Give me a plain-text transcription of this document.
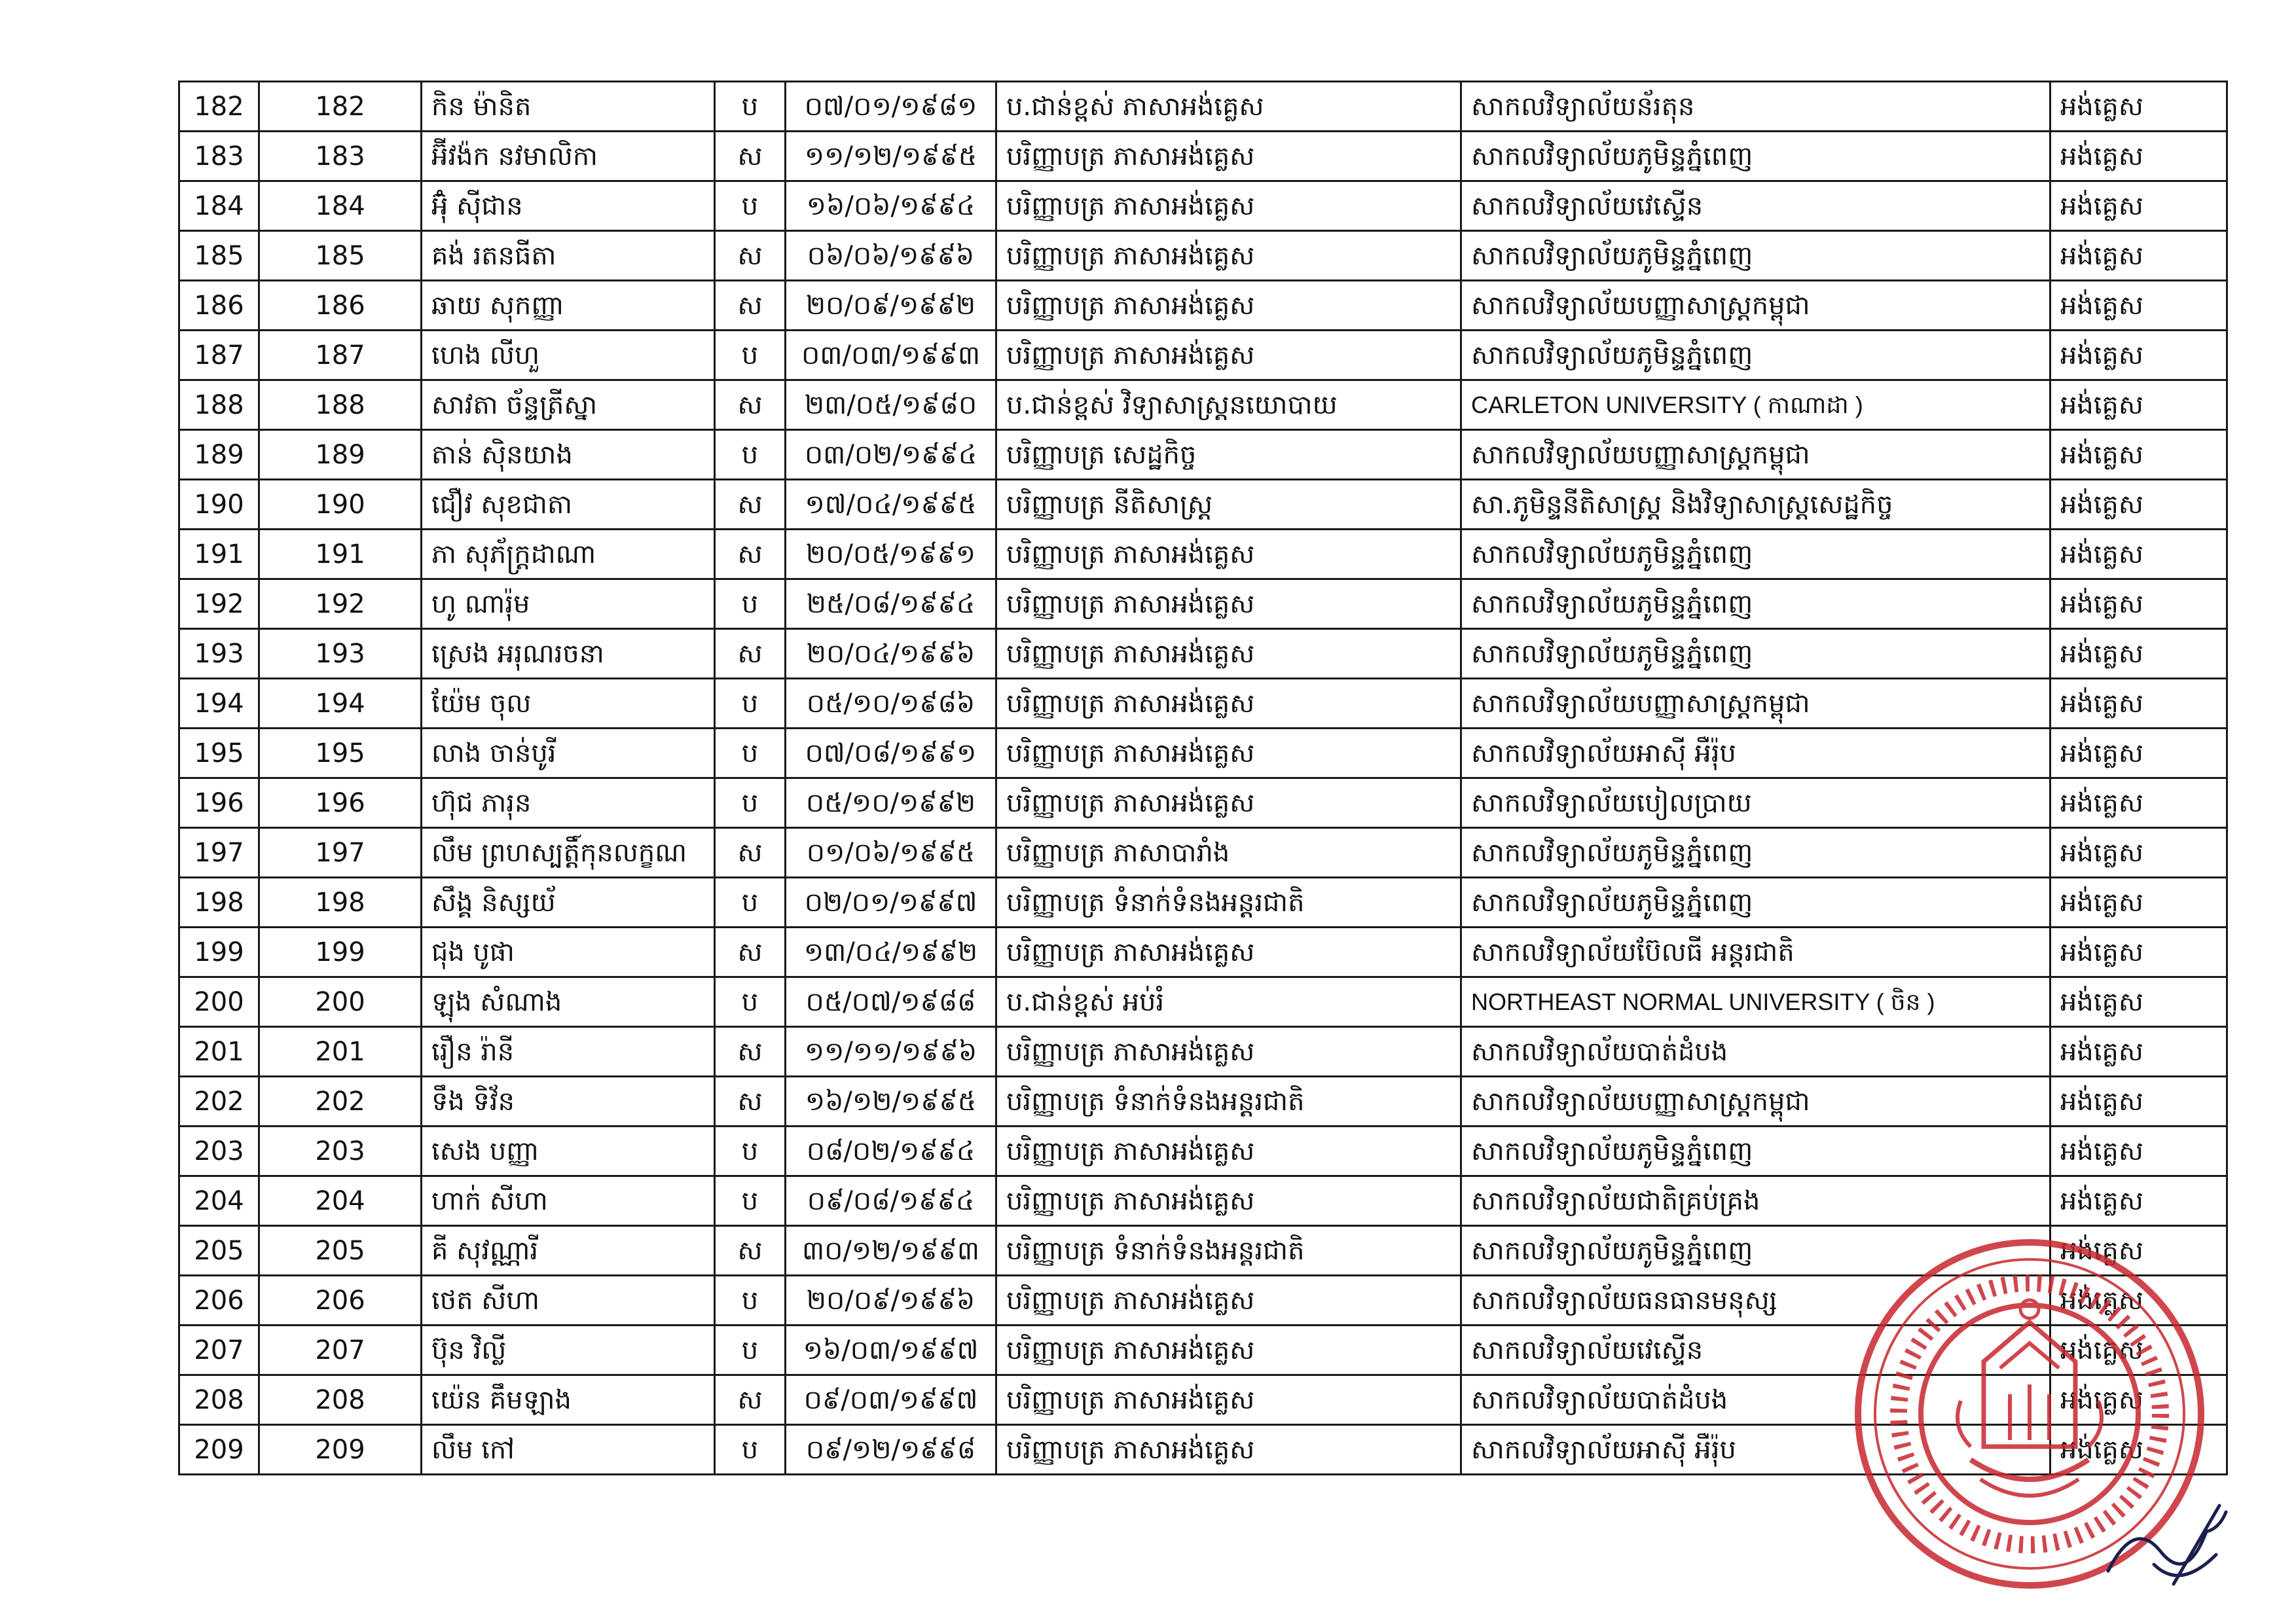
182	182	កិន ម៉ានិត	ប	០៧/០១/១៩៨១	ប.ជាន់ខ្ពស់ ភាសាអង់គ្លេស	សាកលវិទ្យាល័យន័រតុន	អង់គ្លេស
183	183	អ៊ីវង៉ក នវមាលិកា	ស	១១/១២/១៩៩៥	បរិញ្ញាបត្រ ភាសាអង់គ្លេស	សាកលវិទ្យាល័យភូមិន្ទភ្នំពេញ	អង់គ្លេស
184	184	អ៊ុំ ស៊ីជាន	ប	១៦/០៦/១៩៩៤	បរិញ្ញាបត្រ ភាសាអង់គ្លេស	សាកលវិទ្យាល័យវេស្ទើន	អង់គ្លេស
185	185	គង់ រតនធីតា	ស	០៦/០៦/១៩៩៦	បរិញ្ញាបត្រ ភាសាអង់គ្លេស	សាកលវិទ្យាល័យភូមិន្ទភ្នំពេញ	អង់គ្លេស
186	186	ឆាយ សុកញ្ញា	ស	២០/០៩/១៩៩២	បរិញ្ញាបត្រ ភាសាអង់គ្លេស	សាកលវិទ្យាល័យបញ្ញាសាស្ត្រកម្ពុជា	អង់គ្លេស
187	187	ហេង លីហួ	ប	០៣/០៣/១៩៩៣	បរិញ្ញាបត្រ ភាសាអង់គ្លេស	សាកលវិទ្យាល័យភូមិន្ទភ្នំពេញ	អង់គ្លេស
188	188	សាវតា ច័ន្ទត្រីស្នា	ស	២៣/០៥/១៩៨០	ប.ជាន់ខ្ពស់ វិទ្យាសាស្ត្រនយោបាយ	CARLETON UNIVERSITY ( កាណាដា )	អង់គ្លេស
189	189	តាន់ ស៊ិនយាង	ប	០៣/០២/១៩៩៤	បរិញ្ញាបត្រ សេដ្ឋកិច្ច	សាកលវិទ្យាល័យបញ្ញាសាស្ត្រកម្ពុជា	អង់គ្លេស
190	190	ជឿវ សុខជាតា	ស	១៧/០៤/១៩៩៥	បរិញ្ញាបត្រ នីតិសាស្ត្រ	សា.ភូមិន្ទនីតិសាស្ត្រ និងវិទ្យាសាស្ត្រសេដ្ឋកិច្ច	អង់គ្លេស
191	191	ភា សុភ័ក្ត្រដាណា	ស	២០/០៥/១៩៩១	បរិញ្ញាបត្រ ភាសាអង់គ្លេស	សាកលវិទ្យាល័យភូមិន្ទភ្នំពេញ	អង់គ្លេស
192	192	ហូ ណារ៉ុម	ប	២៥/០៨/១៩៩៤	បរិញ្ញាបត្រ ភាសាអង់គ្លេស	សាកលវិទ្យាល័យភូមិន្ទភ្នំពេញ	អង់គ្លេស
193	193	ស្រេង អរុណរចនា	ស	២០/០៤/១៩៩៦	បរិញ្ញាបត្រ ភាសាអង់គ្លេស	សាកលវិទ្យាល័យភូមិន្ទភ្នំពេញ	អង់គ្លេស
194	194	យ៉ែម ចុល	ប	០៥/១០/១៩៨៦	បរិញ្ញាបត្រ ភាសាអង់គ្លេស	សាកលវិទ្យាល័យបញ្ញាសាស្ត្រកម្ពុជា	អង់គ្លេស
195	195	លាង ចាន់បូរី	ប	០៧/០៨/១៩៩១	បរិញ្ញាបត្រ ភាសាអង់គ្លេស	សាកលវិទ្យាល័យអាស៊ី អឺរ៉ុប	អង់គ្លេស
196	196	ហ៊ុជ ភារុន	ប	០៥/១០/១៩៩២	បរិញ្ញាបត្រ ភាសាអង់គ្លេស	សាកលវិទ្យាល័យបៀលប្រាយ	អង់គ្លេស
197	197	លឹម ព្រហស្បត្តិ៍កុនលក្ខណ	ស	០១/០៦/១៩៩៥	បរិញ្ញាបត្រ ភាសាបារាំង	សាកលវិទ្យាល័យភូមិន្ទភ្នំពេញ	អង់គ្លេស
198	198	សឹង្គ និស្សយ័	ប	០២/០១/១៩៩៧	បរិញ្ញាបត្រ ទំនាក់ទំនងអន្តរជាតិ	សាកលវិទ្យាល័យភូមិន្ទភ្នំពេញ	អង់គ្លេស
199	199	ជុង បូផា	ស	១៣/០៤/១៩៩២	បរិញ្ញាបត្រ ភាសាអង់គ្លេស	សាកលវិទ្យាល័យប៊ែលធី អន្តរជាតិ	អង់គ្លេស
200	200	ឡុង សំណាង	ប	០៥/០៧/១៩៨៨	ប.ជាន់ខ្ពស់ អប់រំ	NORTHEAST NORMAL UNIVERSITY ( ចិន )	អង់គ្លេស
201	201	រឿន រ៉ានី	ស	១១/១១/១៩៩៦	បរិញ្ញាបត្រ ភាសាអង់គ្លេស	សាកលវិទ្យាល័យបាត់ដំបង	អង់គ្លេស
202	202	ទឹង ទិវ័ន	ស	១៦/១២/១៩៩៥	បរិញ្ញាបត្រ ទំនាក់ទំនងអន្តរជាតិ	សាកលវិទ្យាល័យបញ្ញាសាស្ត្រកម្ពុជា	អង់គ្លេស
203	203	សេង បញ្ញា	ប	០៨/០២/១៩៩៤	បរិញ្ញាបត្រ ភាសាអង់គ្លេស	សាកលវិទ្យាល័យភូមិន្ទភ្នំពេញ	អង់គ្លេស
204	204	ហាក់ សីហា	ប	០៩/០៨/១៩៩៤	បរិញ្ញាបត្រ ភាសាអង់គ្លេស	សាកលវិទ្យាល័យជាតិគ្រប់គ្រង	អង់គ្លេស
205	205	គី សុវណ្ណារី	ស	៣០/១២/១៩៩៣	បរិញ្ញាបត្រ ទំនាក់ទំនងអន្តរជាតិ	សាកលវិទ្យាល័យភូមិន្ទភ្នំពេញ	អង់គ្លេស
206	206	ថេត សីហា	ប	២០/០៩/១៩៩៦	បរិញ្ញាបត្រ ភាសាអង់គ្លេស	សាកលវិទ្យាល័យធនធានមនុស្ស	អង់គ្លេស
207	207	ប៊ុន វិល្លី	ប	១៦/០៣/១៩៩៧	បរិញ្ញាបត្រ ភាសាអង់គ្លេស	សាកលវិទ្យាល័យវេស្ទើន	អង់គ្លេស
208	208	យ៉េន គឹមឡាង	ស	០៩/០៣/១៩៩៧	បរិញ្ញាបត្រ ភាសាអង់គ្លេស	សាកលវិទ្យាល័យបាត់ដំបង	អង់គ្លេស
209	209	លឹម កៅ	ប	០៩/១២/១៩៩៨	បរិញ្ញាបត្រ ភាសាអង់គ្លេស	សាកលវិទ្យាល័យអាស៊ី អឺរ៉ុប	អង់គ្លេស
